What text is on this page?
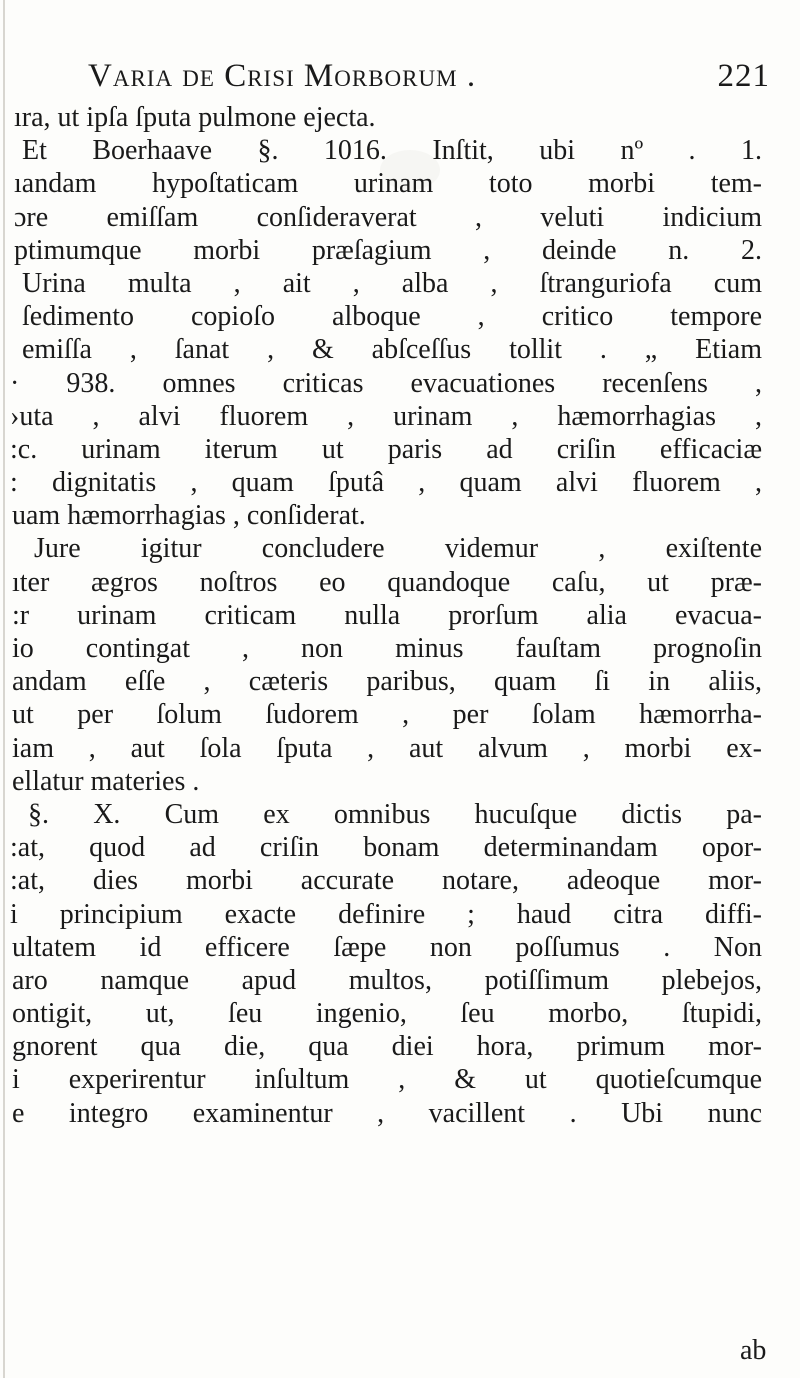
Varia de Crisi Morborum .	221
ıra, ut ipſa ſputa pulmone ejecta.
Et Boerhaave §. 1016. Inſtit, ubi nº . 1.
ıandam hypoſtaticam urinam toto morbi tem-
ɔre emiſſam conſideraverat , veluti indicium
ptimumque morbi præſagium , deinde n. 2.
Urina multa , ait , alba , ſtranguriofa cum
ſedimento copioſo alboque , critico tempore
emiſſa , ſanat , & abſceſſus tollit . „ Etiam
· 938. omnes criticas evacuationes recenſens ,
›uta , alvi fluorem , urinam , hæmorrhagias ,
:c. urinam iterum ut paris ad criſin efficaciæ
: dignitatis , quam ſputâ , quam alvi fluorem ,
uam hæmorrhagias , conſiderat.
Jure igitur concludere videmur , exiſtente
ıter ægros noſtros eo quandoque caſu, ut præ-
:r urinam criticam nulla prorſum alia evacua-
io contingat , non minus fauſtam prognoſin
andam eſſe , cæteris paribus, quam ſi in aliis,
ut per ſolum ſudorem , per ſolam hæmorrha-
iam , aut ſola ſputa , aut alvum , morbi ex-
ellatur materies .
§. X. Cum ex omnibus hucuſque dictis pa-
:at, quod ad criſin bonam determinandam opor-
:at, dies morbi accurate notare, adeoque mor-
i principium exacte definire ; haud citra diffi-
ultatem id efficere ſæpe non poſſumus . Non
aro namque apud multos, potiſſimum plebejos,
ontigit, ut, ſeu ingenio, ſeu morbo, ſtupidi,
gnorent qua die, qua diei hora, primum mor-
i experirentur inſultum , & ut quotieſcumque
e integro examinentur , vacillent . Ubi nunc
ab
